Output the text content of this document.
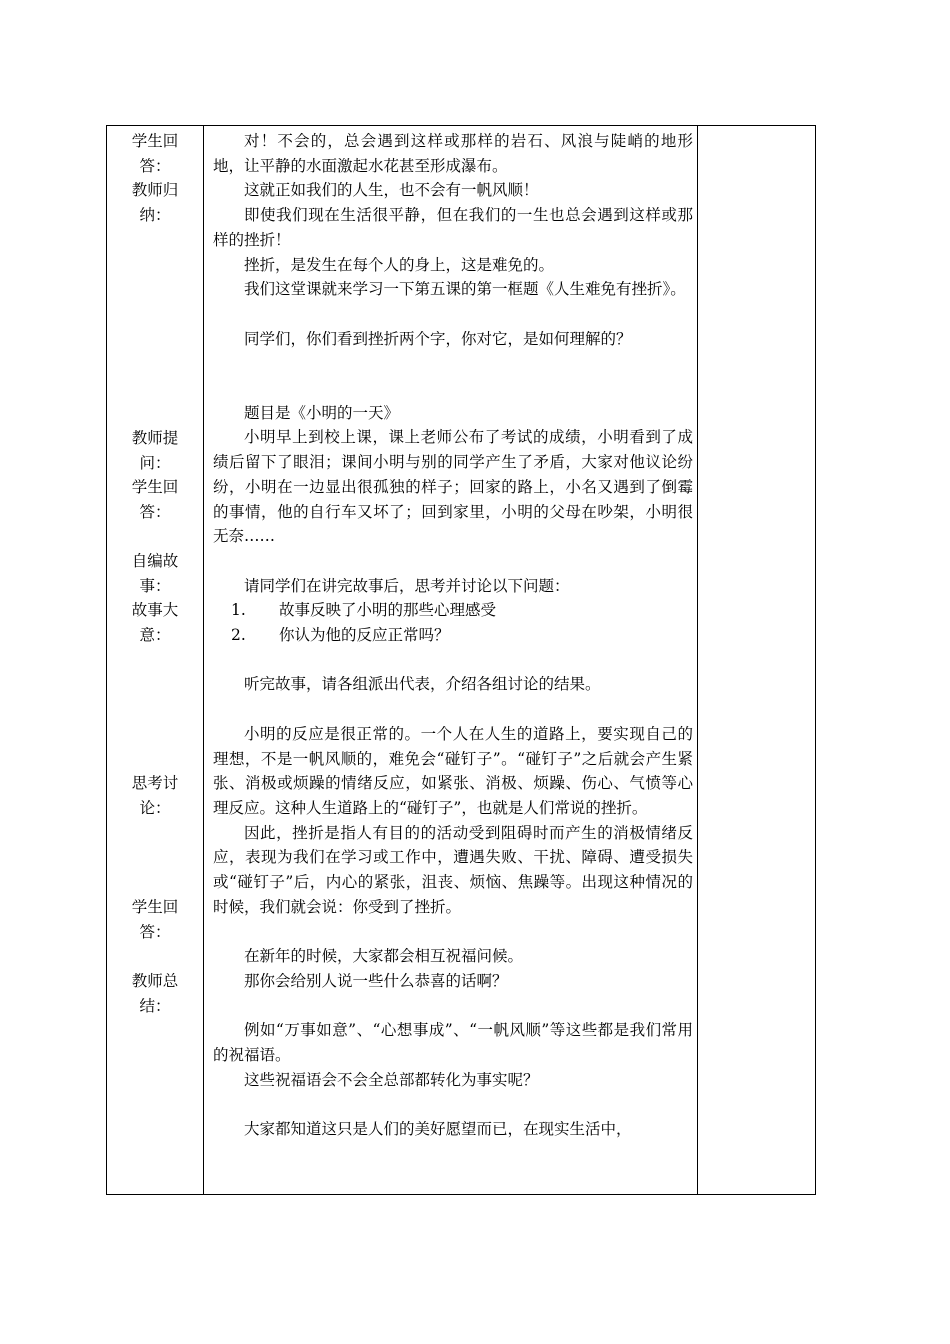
学生回
答：
教师归
纳：
教师提
问：
学生回
答：
自编故
事：
故事大
意：
思考讨
论：
学生回
答：
教师总
结：

对！不会的，总会遇到这样或那样的岩石、风浪与陡峭的地形地，让平静的水面激起水花甚至形成瀑布。

这就正如我们的人生，也不会有一帆风顺！

即使我们现在生活很平静，但在我们的一生也总会遇到这样或那样的挫折！

挫折，是发生在每个人的身上，这是难免的。

我们这堂课就来学习一下第五课的第一框题《人生难免有挫折》。

同学们，你们看到挫折两个字，你对它，是如何理解的？

题目是《小明的一天》

小明早上到校上课，课上老师公布了考试的成绩，小明看到了成绩后留下了眼泪；课间小明与别的同学产生了矛盾，大家对他议论纷纷，小明在一边显出很孤独的样子；回家的路上，小名又遇到了倒霉的事情，他的自行车又坏了；回到家里，小明的父母在吵架，小明很无奈……

请同学们在讲完故事后，思考并讨论以下问题：

1.	故事反映了小明的那些心理感受

2.	你认为他的反应正常吗？

听完故事，请各组派出代表，介绍各组讨论的结果。

小明的反应是很正常的。一个人在人生的道路上，要实现自己的理想，不是一帆风顺的，难免会“碰钉子”。“碰钉子”之后就会产生紧张、消极或烦躁的情绪反应，如紧张、消极、烦躁、伤心、气愤等心理反应。这种人生道路上的“碰钉子”，也就是人们常说的挫折。

因此，挫折是指人有目的的活动受到阻碍时而产生的消极情绪反应，表现为我们在学习或工作中，遭遇失败、干扰、障碍、遭受损失或“碰钉子”后，内心的紧张，沮丧、烦恼、焦躁等。出现这种情况的时候，我们就会说：你受到了挫折。

在新年的时候，大家都会相互祝福问候。

那你会给别人说一些什么恭喜的话啊？

例如“万事如意”、“心想事成”、“一帆风顺”等这些都是我们常用的祝福语。

这些祝福语会不会全总部都转化为事实呢？

大家都知道这只是人们的美好愿望而已，在现实生活中，
